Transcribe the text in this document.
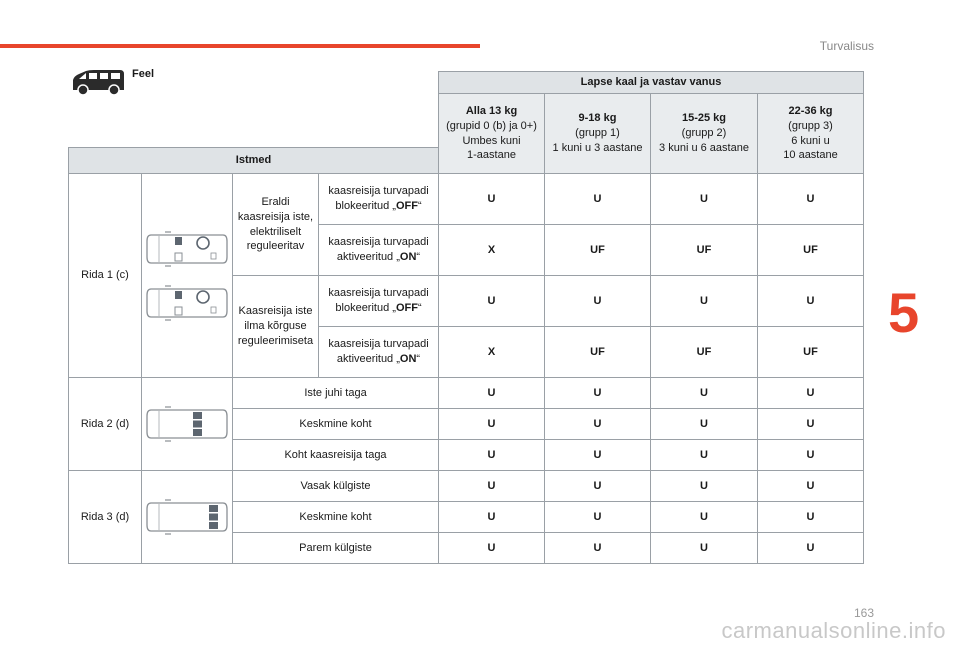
Turvalisus
5
163
carmanualsonline.info
Feel
				Lapse kaal ja vastav vanus			
				Alla 13 kg
(grupid 0 (b) ja 0+)
Umbes kuni
1-aastane	9-18 kg
(grupp 1)
1 kuni u 3 aastane	15-25 kg
(grupp 2)
3 kuni u 6 aastane	22-36 kg
(grupp 3)
6 kuni u
10 aastane
Istmed							
Rida 1 (c)		Eraldi kaasreisija iste, elektriliselt reguleeritav	kaasreisija turvapadi blokeeritud „OFF“	U	U	U	U
			kaasreisija turvapadi aktiveeritud „ON“	X	UF	UF	UF
		Kaasreisija iste ilma kõrguse reguleerimiseta	kaasreisija turvapadi blokeeritud „OFF“	U	U	U	U
			kaasreisija turvapadi aktiveeritud „ON“	X	UF	UF	UF
Rida 2 (d)		Iste juhi taga		U	U	U	U
		Keskmine koht		U	U	U	U
		Koht kaasreisija taga		U	U	U	U
Rida 3 (d)		Vasak külgiste		U	U	U	U
		Keskmine koht		U	U	U	U
		Parem külgiste		U	U	U	U
